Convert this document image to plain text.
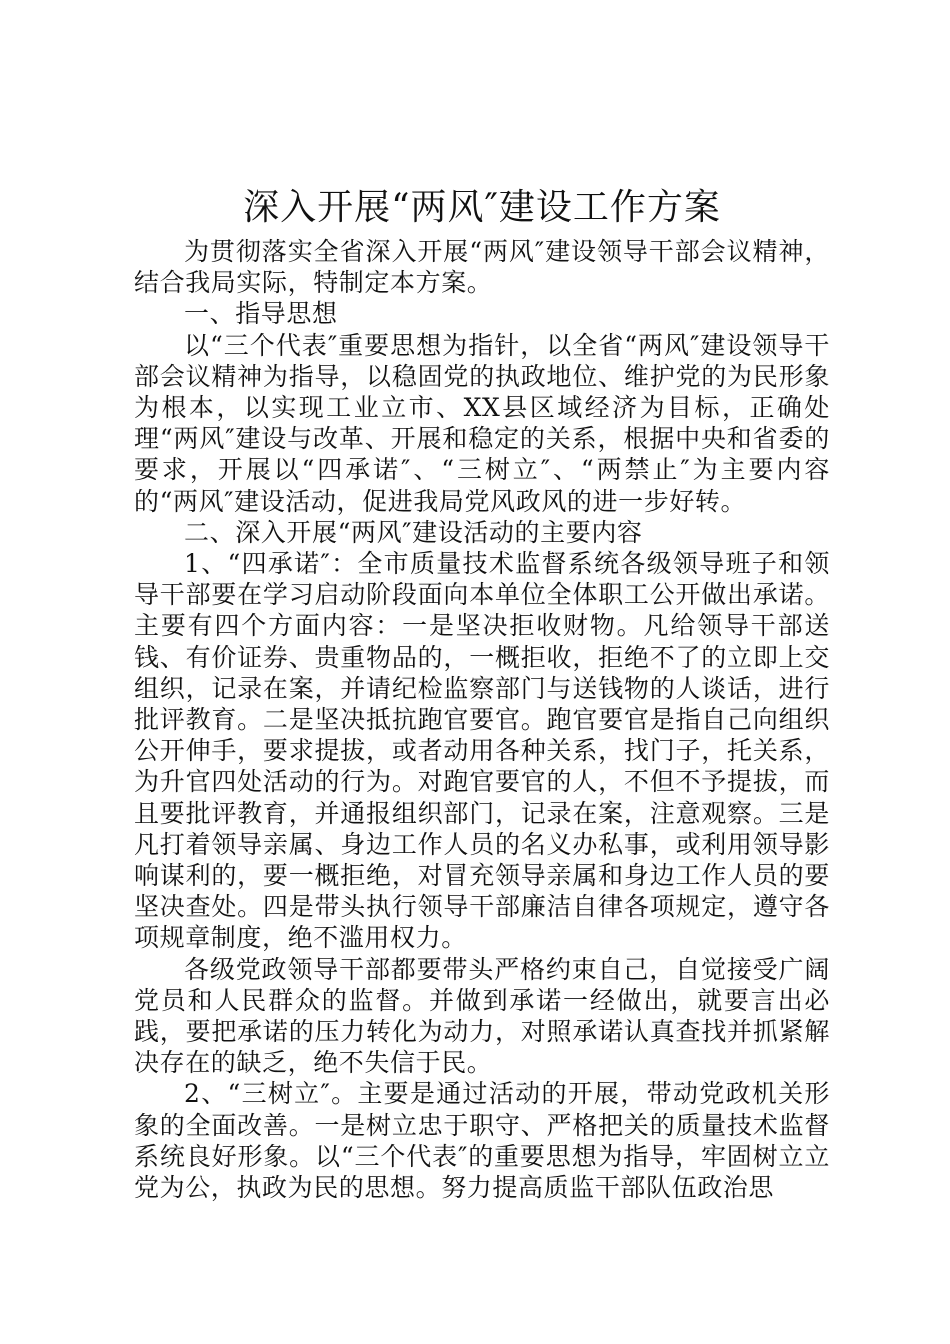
深入开展“两风″建设工作方案

为贯彻落实全省深入开展“两风″建设领导干部会议精神，结合我局实际，特制定本方案。

一、指导思想

以“三个代表″重要思想为指针，以全省“两风″建设领导干部会议精神为指导，以稳固党的执政地位、维护党的为民形象为根本，以实现工业立市、XX县区域经济为目标，正确处理“两风″建设与改革、开展和稳定的关系，根据中央和省委的要求，开展以“四承诺″、“三树立″、“两禁止″为主要内容的“两风″建设活动，促进我局党风政风的进一步好转。

二、深入开展“两风″建设活动的主要内容

1、“四承诺″：全市质量技术监督系统各级领导班子和领导干部要在学习启动阶段面向本单位全体职工公开做出承诺。主要有四个方面内容：一是坚决拒收财物。凡给领导干部送钱、有价证券、贵重物品的，一概拒收，拒绝不了的立即上交组织，记录在案，并请纪检监察部门与送钱物的人谈话，进行批评教育。二是坚决抵抗跑官要官。跑官要官是指自己向组织公开伸手，要求提拔，或者动用各种关系，找门子，托关系，为升官四处活动的行为。对跑官要官的人，不但不予提拔，而且要批评教育，并通报组织部门，记录在案，注意观察。三是凡打着领导亲属、身边工作人员的名义办私事，或利用领导影响谋利的，要一概拒绝，对冒充领导亲属和身边工作人员的要坚决查处。四是带头执行领导干部廉洁自律各项规定，遵守各项规章制度，绝不滥用权力。

各级党政领导干部都要带头严格约束自己，自觉接受广阔党员和人民群众的监督。并做到承诺一经做出，就要言出必践，要把承诺的压力转化为动力，对照承诺认真查找并抓紧解决存在的缺乏，绝不失信于民。

2、“三树立″。主要是通过活动的开展，带动党政机关形象的全面改善。一是树立忠于职守、严格把关的质量技术监督系统良好形象。以“三个代表″的重要思想为指导，牢固树立立党为公，执政为民的思想。努力提高质监干部队伍政治思
